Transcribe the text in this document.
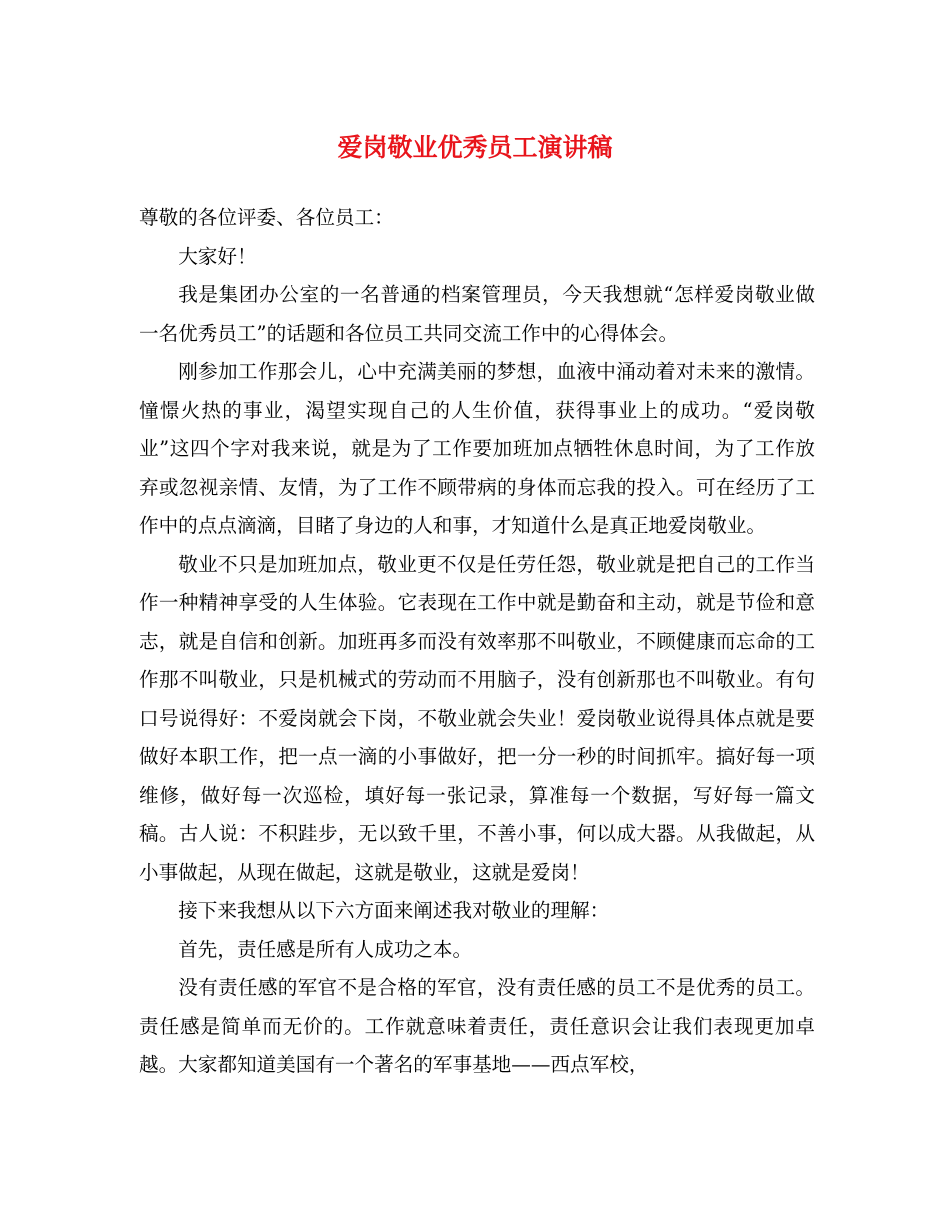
爱岗敬业优秀员工演讲稿

尊敬的各位评委、各位员工：

大家好！

我是集团办公室的一名普通的档案管理员，今天我想就“怎样爱岗敬业做一名优秀员工”的话题和各位员工共同交流工作中的心得体会。

刚参加工作那会儿，心中充满美丽的梦想，血液中涌动着对未来的激情。憧憬火热的事业，渴望实现自己的人生价值，获得事业上的成功。“爱岗敬业”这四个字对我来说，就是为了工作要加班加点牺牲休息时间，为了工作放弃或忽视亲情、友情，为了工作不顾带病的身体而忘我的投入。可在经历了工作中的点点滴滴，目睹了身边的人和事，才知道什么是真正地爱岗敬业。

敬业不只是加班加点，敬业更不仅是任劳任怨，敬业就是把自己的工作当作一种精神享受的人生体验。它表现在工作中就是勤奋和主动，就是节俭和意志，就是自信和创新。加班再多而没有效率那不叫敬业，不顾健康而忘命的工作那不叫敬业，只是机械式的劳动而不用脑子，没有创新那也不叫敬业。有句口号说得好：不爱岗就会下岗，不敬业就会失业！爱岗敬业说得具体点就是要做好本职工作，把一点一滴的小事做好，把一分一秒的时间抓牢。搞好每一项维修，做好每一次巡检，填好每一张记录，算准每一个数据，写好每一篇文稿。古人说：不积跬步，无以致千里，不善小事，何以成大器。从我做起，从小事做起，从现在做起，这就是敬业，这就是爱岗！

接下来我想从以下六方面来阐述我对敬业的理解：

首先，责任感是所有人成功之本。

没有责任感的军官不是合格的军官，没有责任感的员工不是优秀的员工。责任感是简单而无价的。工作就意味着责任，责任意识会让我们表现更加卓越。大家都知道美国有一个著名的军事基地——西点军校，
